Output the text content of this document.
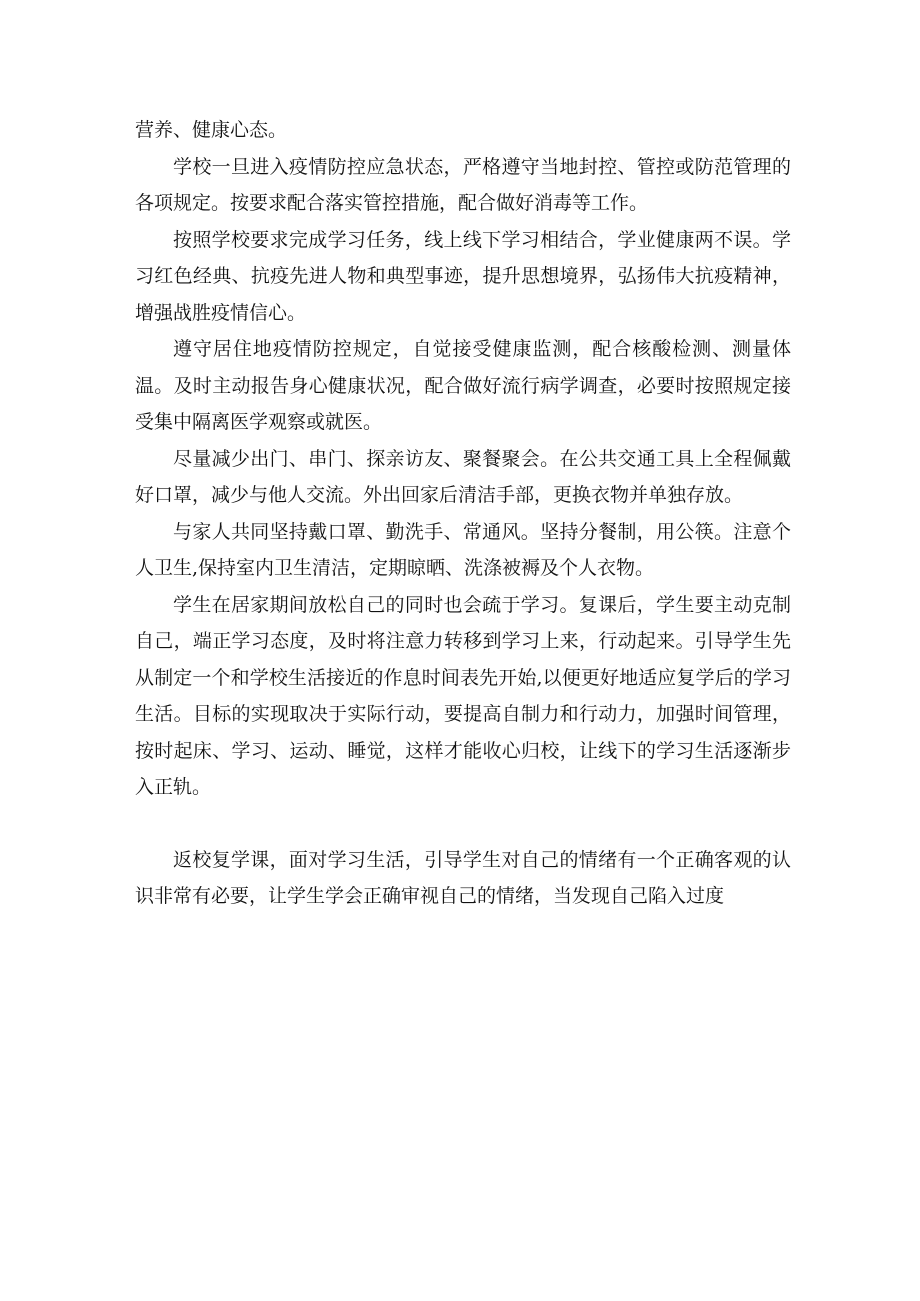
营养、健康心态。

学校一旦进入疫情防控应急状态，严格遵守当地封控、管控或防范管理的各项规定。按要求配合落实管控措施，配合做好消毒等工作。

按照学校要求完成学习任务，线上线下学习相结合，学业健康两不误。学习红色经典、抗疫先进人物和典型事迹，提升思想境界，弘扬伟大抗疫精神，增强战胜疫情信心。

遵守居住地疫情防控规定，自觉接受健康监测，配合核酸检测、测量体温。及时主动报告身心健康状况，配合做好流行病学调查，必要时按照规定接受集中隔离医学观察或就医。

尽量减少出门、串门、探亲访友、聚餐聚会。在公共交通工具上全程佩戴好口罩，减少与他人交流。外出回家后清洁手部，更换衣物并单独存放。

与家人共同坚持戴口罩、勤洗手、常通风。坚持分餐制，用公筷。注意个人卫生,保持室内卫生清洁，定期晾晒、洗涤被褥及个人衣物。

学生在居家期间放松自己的同时也会疏于学习。复课后，学生要主动克制自己，端正学习态度，及时将注意力转移到学习上来，行动起来。引导学生先从制定一个和学校生活接近的作息时间表先开始,以便更好地适应复学后的学习生活。目标的实现取决于实际行动，要提高自制力和行动力，加强时间管理，按时起床、学习、运动、睡觉，这样才能收心归校，让线下的学习生活逐渐步入正轨。

返校复学课，面对学习生活，引导学生对自己的情绪有一个正确客观的认识非常有必要，让学生学会正确审视自己的情绪，当发现自己陷入过度
